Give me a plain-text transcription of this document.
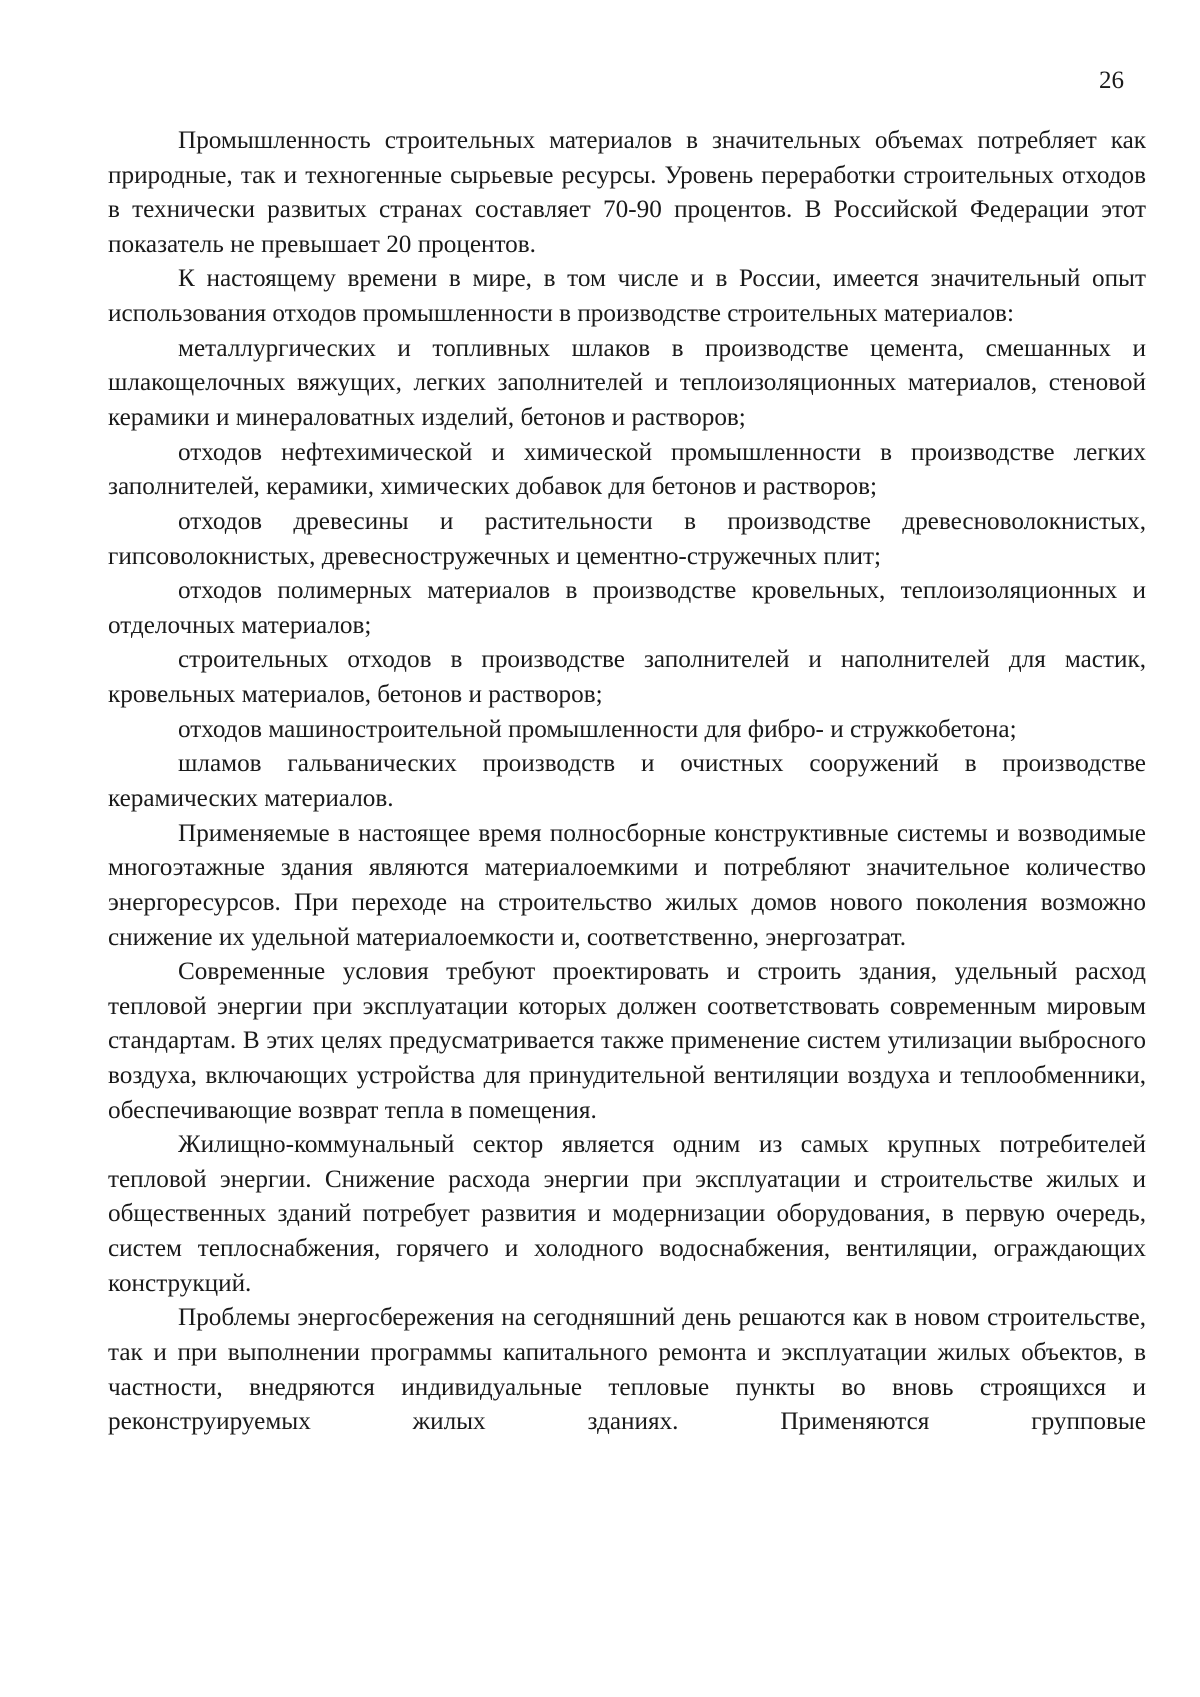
26

Промышленность строительных материалов в значительных объемах потребляет как природные, так и техногенные сырьевые ресурсы. Уровень переработки строительных отходов в технически развитых странах составляет 70-90 процентов. В Российской Федерации этот показатель не превышает 20 процентов.

К настоящему времени в мире, в том числе и в России, имеется значительный опыт использования отходов промышленности в производстве строительных материалов:

металлургических и топливных шлаков в производстве цемента, смешанных и шлакощелочных вяжущих, легких заполнителей и теплоизоляционных материалов, стеновой керамики и минераловатных изделий, бетонов и растворов;

отходов нефтехимической и химической промышленности в производстве легких заполнителей, керамики, химических добавок для бетонов и растворов;

отходов древесины и растительности в производстве древесноволокнистых, гипсоволокнистых, древесностружечных и цементно-стружечных плит;

отходов полимерных материалов в производстве кровельных, теплоизоляционных и отделочных материалов;

строительных отходов в производстве заполнителей и наполнителей для мастик, кровельных материалов, бетонов и растворов;

отходов машиностроительной промышленности для фибро- и стружкобетона;

шламов гальванических производств и очистных сооружений в производстве керамических материалов.

Применяемые в настоящее время полносборные конструктивные системы и возводимые многоэтажные здания являются материалоемкими и потребляют значительное количество энергоресурсов. При переходе на строительство жилых домов нового поколения возможно снижение их удельной материалоемкости и, соответственно, энергозатрат.

Современные условия требуют проектировать и строить здания, удельный расход тепловой энергии при эксплуатации которых должен соответствовать современным мировым стандартам. В этих целях предусматривается также применение систем утилизации выбросного воздуха, включающих устройства для принудительной вентиляции воздуха и теплообменники, обеспечивающие возврат тепла в помещения.

Жилищно-коммунальный сектор является одним из самых крупных потребителей тепловой энергии. Снижение расхода энергии при эксплуатации и строительстве жилых и общественных зданий потребует развития и модернизации оборудования, в первую очередь, систем теплоснабжения, горячего и холодного водоснабжения, вентиляции, ограждающих конструкций.

Проблемы энергосбережения на сегодняшний день решаются как в новом строительстве, так и при выполнении программы капитального ремонта и эксплуатации жилых объектов, в частности, внедряются индивидуальные тепловые пункты во вновь строящихся и реконструируемых жилых зданиях. Применяются групповые
